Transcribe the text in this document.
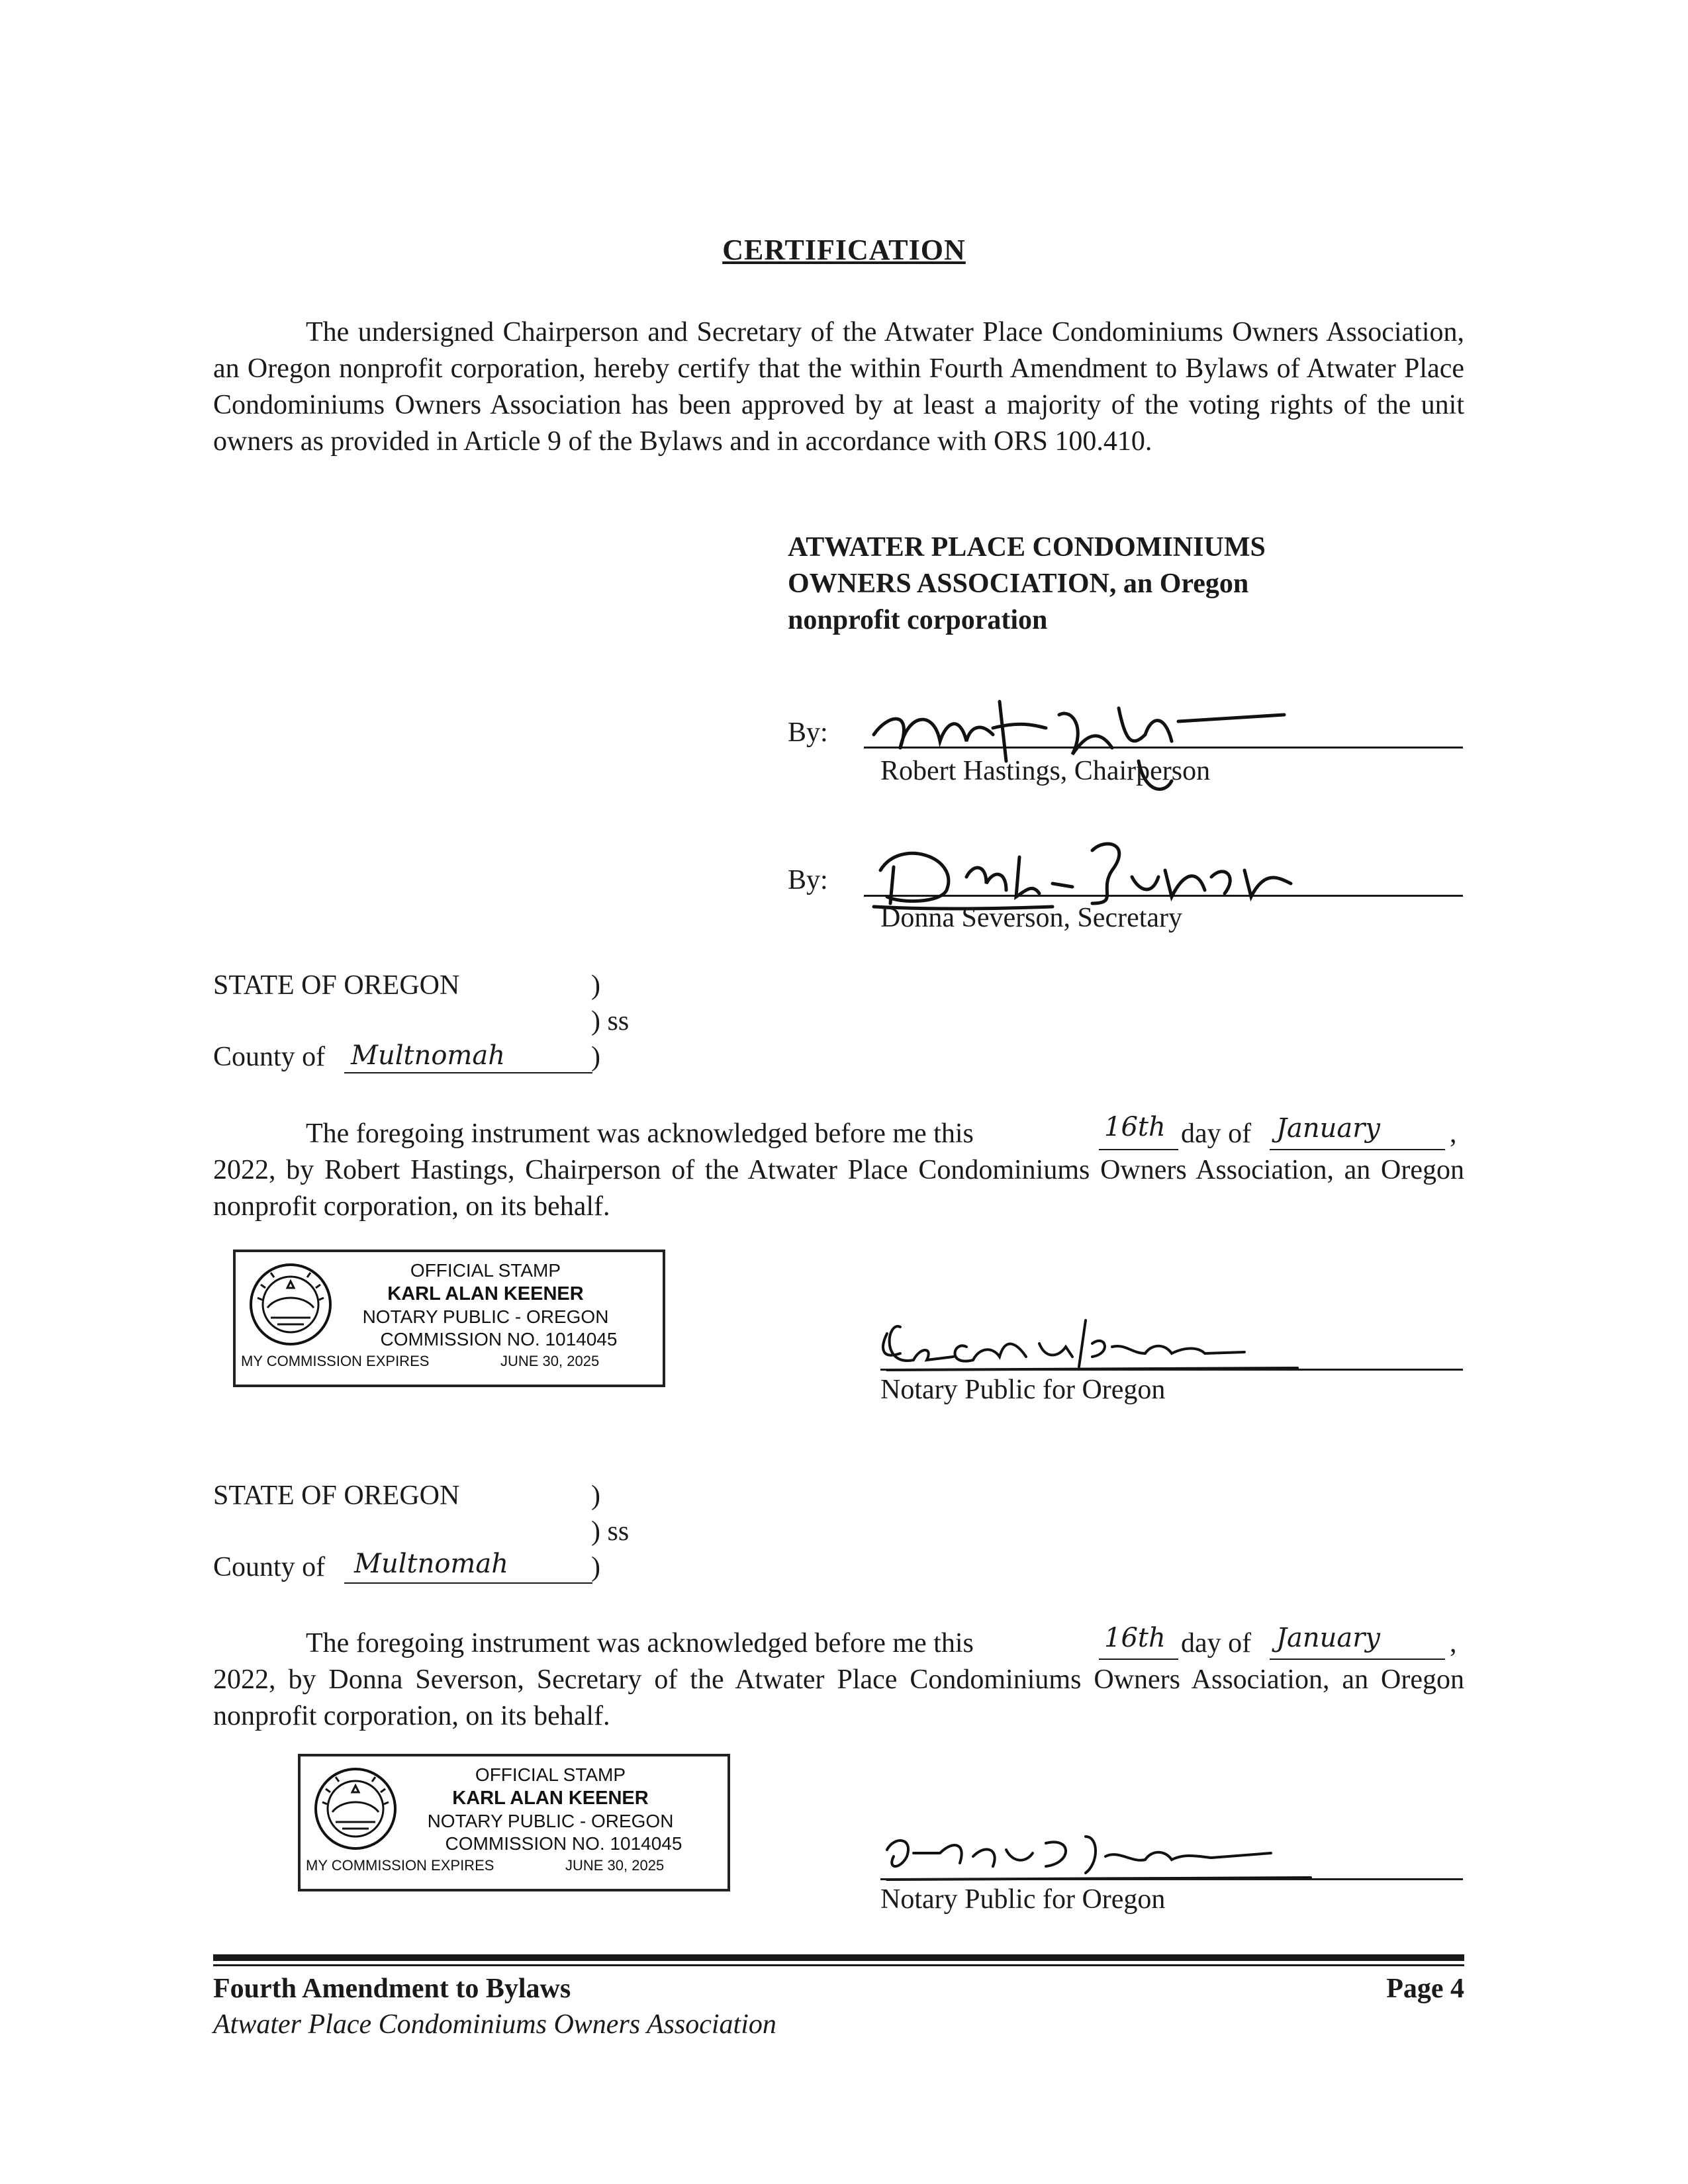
CERTIFICATION

The undersigned Chairperson and Secretary of the Atwater Place Condominiums Owners Association, an Oregon nonprofit corporation, hereby certify that the within Fourth Amendment to Bylaws of Atwater Place Condominiums Owners Association has been approved by at least a majority of the voting rights of the unit owners as provided in Article 9 of the Bylaws and in accordance with ORS 100.410.

ATWATER PLACE CONDOMINIUMS
OWNERS ASSOCIATION, an Oregon
nonprofit corporation
By:
Robert Hastings, Chairperson
By:
Donna Severson, Secretary
STATE OF OREGON	)
) ss
County of Multnomah	)
The foregoing instrument was acknowledged before me this	16th day of January	,
2022, by Robert Hastings, Chairperson of the Atwater Place Condominiums Owners Association, an Oregon nonprofit corporation, on its behalf.
OFFICIAL STAMP
KARL ALAN KEENER
NOTARY PUBLIC - OREGON
COMMISSION NO. 1014045
MY COMMISSION EXPIRES	JUNE 30, 2025
Notary Public for Oregon
STATE OF OREGON	)
) ss
County of Multnomah	)
The foregoing instrument was acknowledged before me this	16th day of January	,
2022, by Donna Severson, Secretary of the Atwater Place Condominiums Owners Association, an Oregon nonprofit corporation, on its behalf.
OFFICIAL STAMP
KARL ALAN KEENER
NOTARY PUBLIC - OREGON
COMMISSION NO. 1014045
MY COMMISSION EXPIRES	JUNE 30, 2025
Notary Public for Oregon
Fourth Amendment to Bylaws
Atwater Place Condominiums Owners Association
Page 4
